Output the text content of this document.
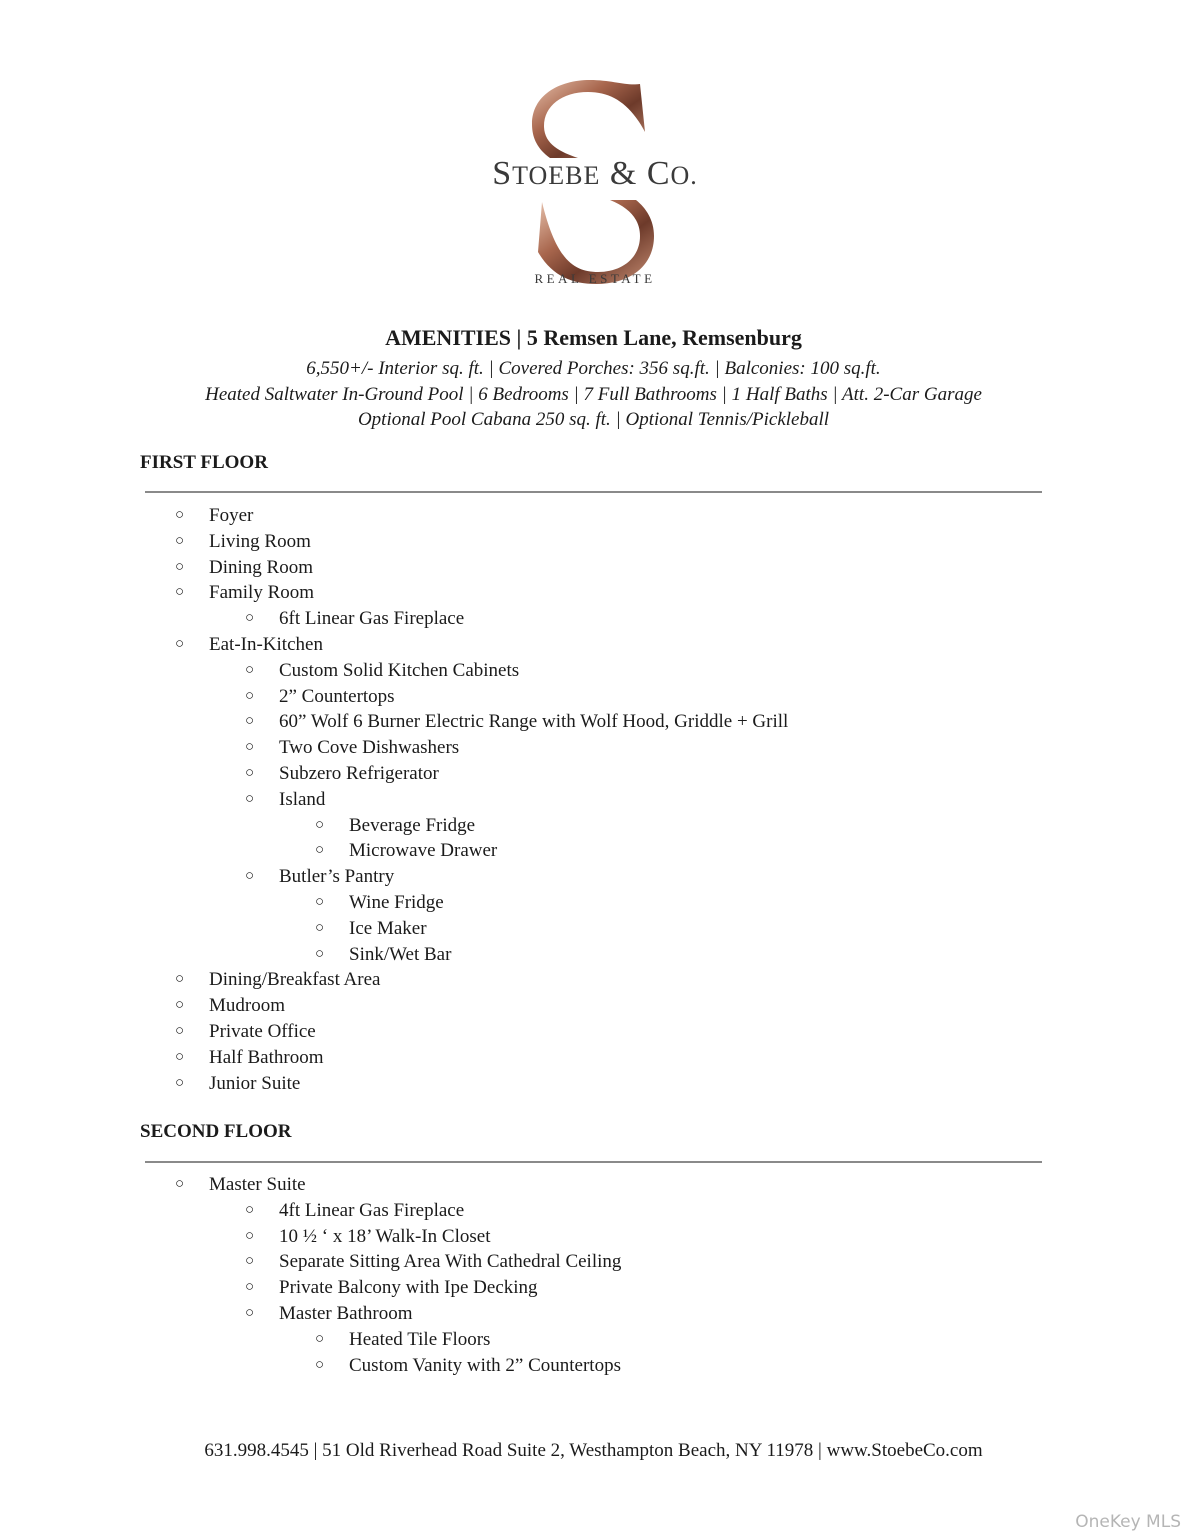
STOEBE & CO.
REAL ESTATE
AMENITIES | 5 Remsen Lane, Remsenburg
6,550+/- Interior sq. ft. | Covered Porches: 356 sq.ft. | Balconies: 100 sq.ft.
Heated Saltwater In-Ground Pool | 6 Bedrooms | 7 Full Bathrooms | 1 Half Baths | Att. 2-Car Garage
Optional Pool Cabana 250 sq. ft. | Optional Tennis/Pickleball
FIRST FLOOR
○ Foyer
○ Living Room
○ Dining Room
○ Family Room
○ 6ft Linear Gas Fireplace
○ Eat-In-Kitchen
○ Custom Solid Kitchen Cabinets
○ 2” Countertops
○ 60” Wolf 6 Burner Electric Range with Wolf Hood, Griddle + Grill
○ Two Cove Dishwashers
○ Subzero Refrigerator
○ Island
○ Beverage Fridge
○ Microwave Drawer
○ Butler’s Pantry
○ Wine Fridge
○ Ice Maker
○ Sink/Wet Bar
○ Dining/Breakfast Area
○ Mudroom
○ Private Office
○ Half Bathroom
○ Junior Suite
SECOND FLOOR
○ Master Suite
○ 4ft Linear Gas Fireplace
○ 10 ½ ‘ x 18’ Walk-In Closet
○ Separate Sitting Area With Cathedral Ceiling
○ Private Balcony with Ipe Decking
○ Master Bathroom
○ Heated Tile Floors
○ Custom Vanity with 2” Countertops
631.998.4545 | 51 Old Riverhead Road Suite 2, Westhampton Beach, NY 11978 | www.StoebeCo.com
OneKey MLS
